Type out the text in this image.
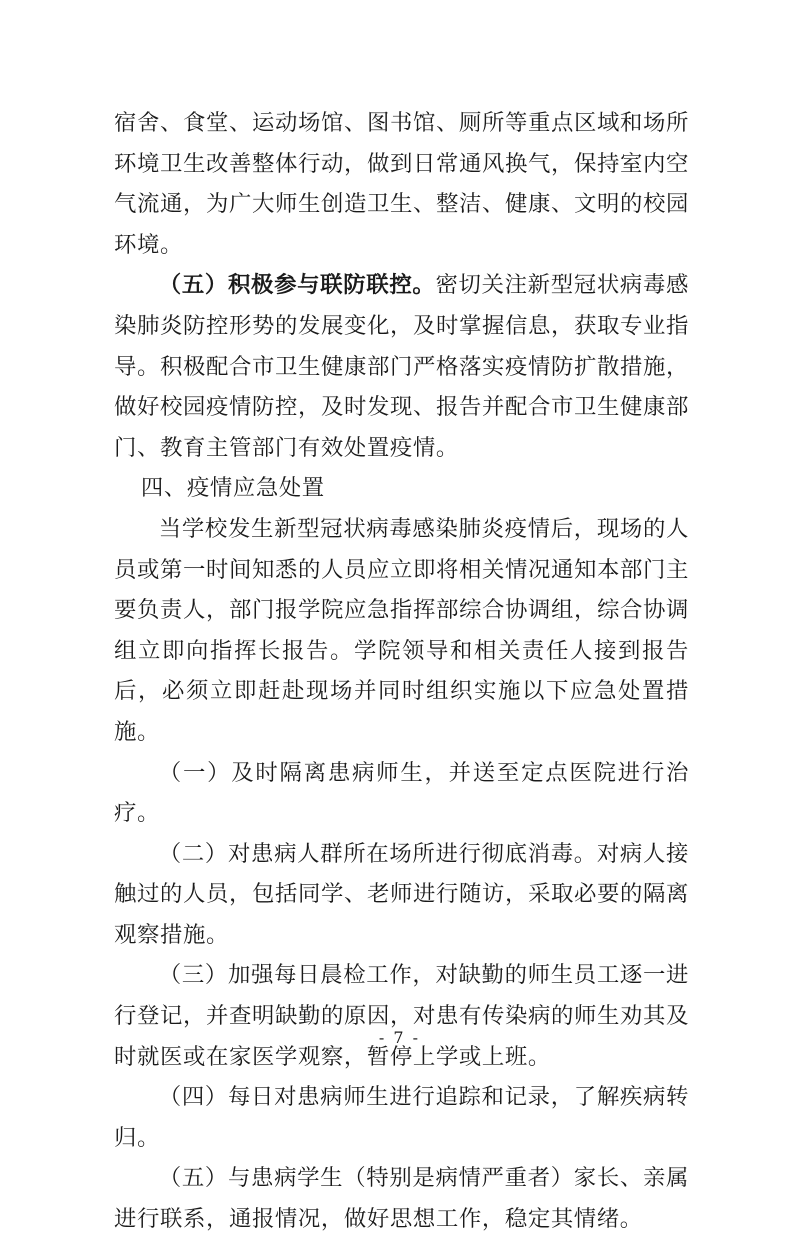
宿舍、食堂、运动场馆、图书馆、厕所等重点区域和场所环境卫生改善整体行动，做到日常通风换气，保持室内空气流通，为广大师生创造卫生、整洁、健康、文明的校园环境。

（五）积极参与联防联控。密切关注新型冠状病毒感染肺炎防控形势的发展变化，及时掌握信息，获取专业指导。积极配合市卫生健康部门严格落实疫情防扩散措施，做好校园疫情防控，及时发现、报告并配合市卫生健康部门、教育主管部门有效处置疫情。

四、疫情应急处置

当学校发生新型冠状病毒感染肺炎疫情后，现场的人员或第一时间知悉的人员应立即将相关情况通知本部门主要负责人，部门报学院应急指挥部综合协调组，综合协调组立即向指挥长报告。学院领导和相关责任人接到报告后，必须立即赶赴现场并同时组织实施以下应急处置措施。

（一）及时隔离患病师生，并送至定点医院进行治疗。

（二）对患病人群所在场所进行彻底消毒。对病人接触过的人员，包括同学、老师进行随访，采取必要的隔离观察措施。

（三）加强每日晨检工作，对缺勤的师生员工逐一进行登记，并查明缺勤的原因，对患有传染病的师生劝其及时就医或在家医学观察，暂停上学或上班。

（四）每日对患病师生进行追踪和记录，了解疾病转归。

（五）与患病学生（特别是病情严重者）家长、亲属进行联系，通报情况，做好思想工作，稳定其情绪。

- 7 -
